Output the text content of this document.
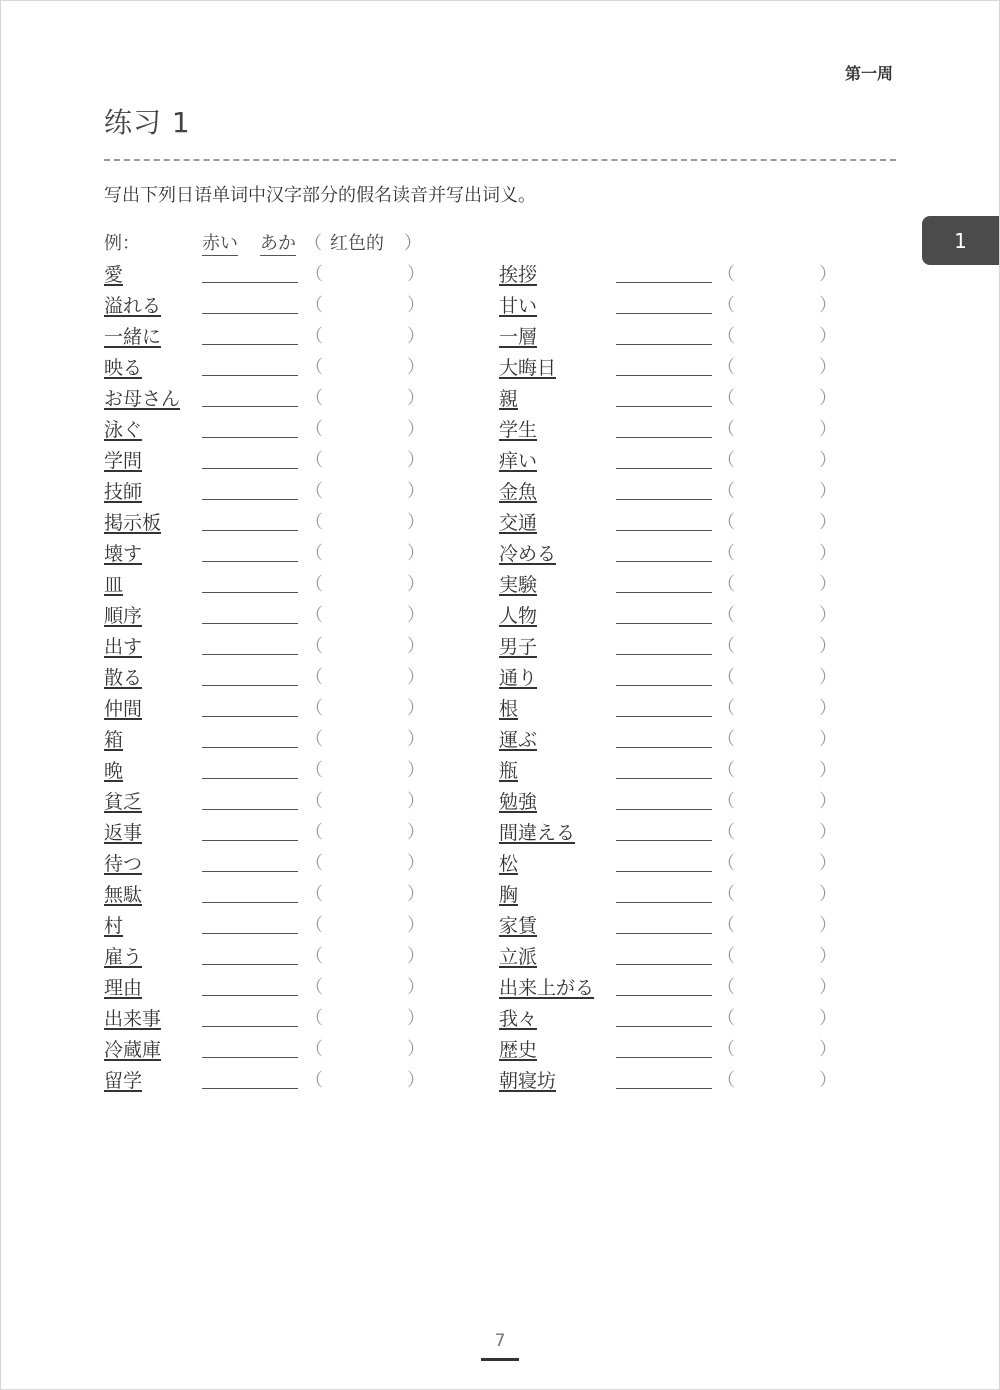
第一周
练习 1
写出下列日语单词中汉字部分的假名读音并写出词义。
1
例：	赤い あか （ 红色的 ）
愛	（	）
溢れる	（	）
一緒に	（	）
映る	（	）
お母さん	（	）
泳ぐ	（	）
学問	（	）
技師	（	）
掲示板	（	）
壊す	（	）
皿	（	）
順序	（	）
出す	（	）
散る	（	）
仲間	（	）
箱	（	）
晩	（	）
貧乏	（	）
返事	（	）
待つ	（	）
無駄	（	）
村	（	）
雇う	（	）
理由	（	）
出来事	（	）
冷蔵庫	（	）
留学	（	）
挨拶	（	）
甘い	（	）
一層	（	）
大晦日	（	）
親	（	）
学生	（	）
痒い	（	）
金魚	（	）
交通	（	）
冷める	（	）
実験	（	）
人物	（	）
男子	（	）
通り	（	）
根	（	）
運ぶ	（	）
瓶	（	）
勉強	（	）
間違える	（	）
松	（	）
胸	（	）
家賃	（	）
立派	（	）
出来上がる	（	）
我々	（	）
歴史	（	）
朝寝坊	（	）
7
